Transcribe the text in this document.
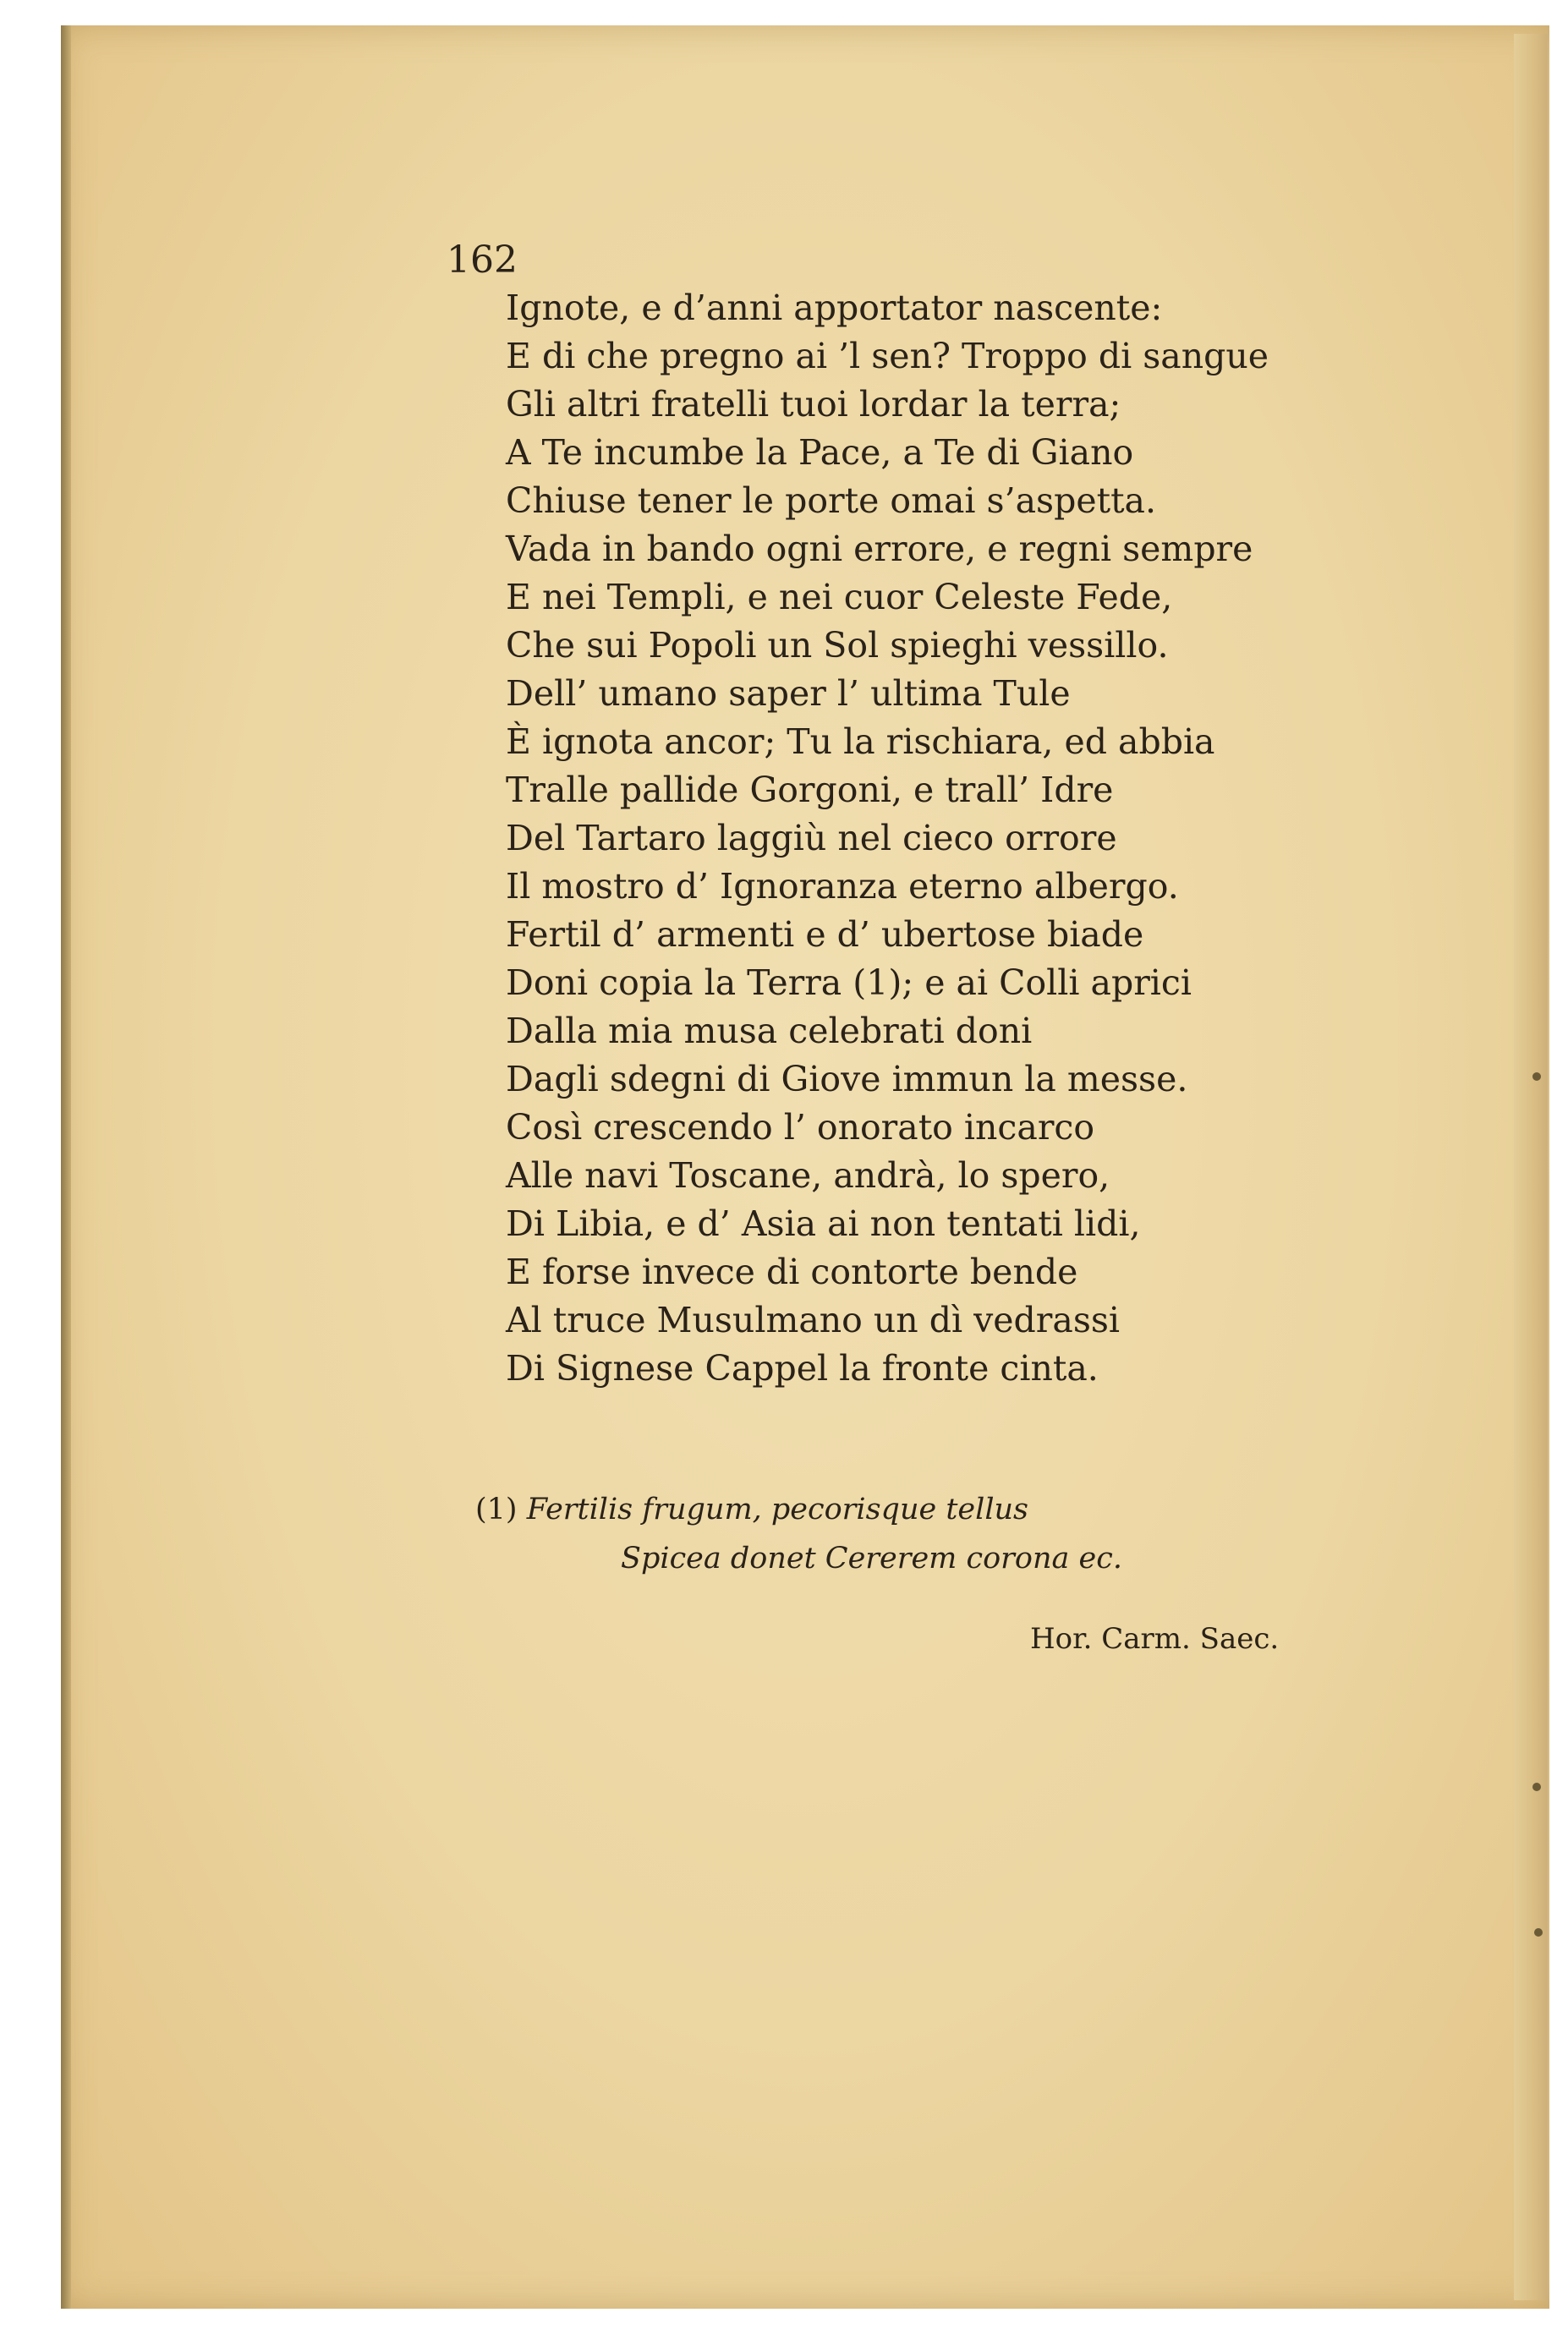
162
Ignote, e d’anni apportator nascente:
E di che pregno ai ’l sen? Troppo di sangue
Gli altri fratelli tuoi lordar la terra;
A Te incumbe la Pace, a Te di Giano
Chiuse tener le porte omai s’aspetta.
Vada in bando ogni errore, e regni sempre
E nei Templi, e nei cuor Celeste Fede,
Che sui Popoli un Sol spieghi vessillo.
Dell’ umano saper l’ ultima Tule
È ignota ancor; Tu la rischiara, ed abbia
Tralle pallide Gorgoni, e trall’ Idre
Del Tartaro laggiù nel cieco orrore
Il mostro d’ Ignoranza eterno albergo.
Fertil d’ armenti e d’ ubertose biade
Doni copia la Terra (1); e ai Colli aprici
Dalla mia musa celebrati doni
Dagli sdegni di Giove immun la messe.
Così crescendo l’ onorato incarco
Alle navi Toscane, andrà, lo spero,
Di Libia, e d’ Asia ai non tentati lidi,
E forse invece di contorte bende
Al truce Musulmano un dì vedrassi
Di Signese Cappel la fronte cinta.
(1) Fertilis frugum, pecorisque tellus
Spicea donet Cererem corona ec.
Hor. Carm. Saec.
